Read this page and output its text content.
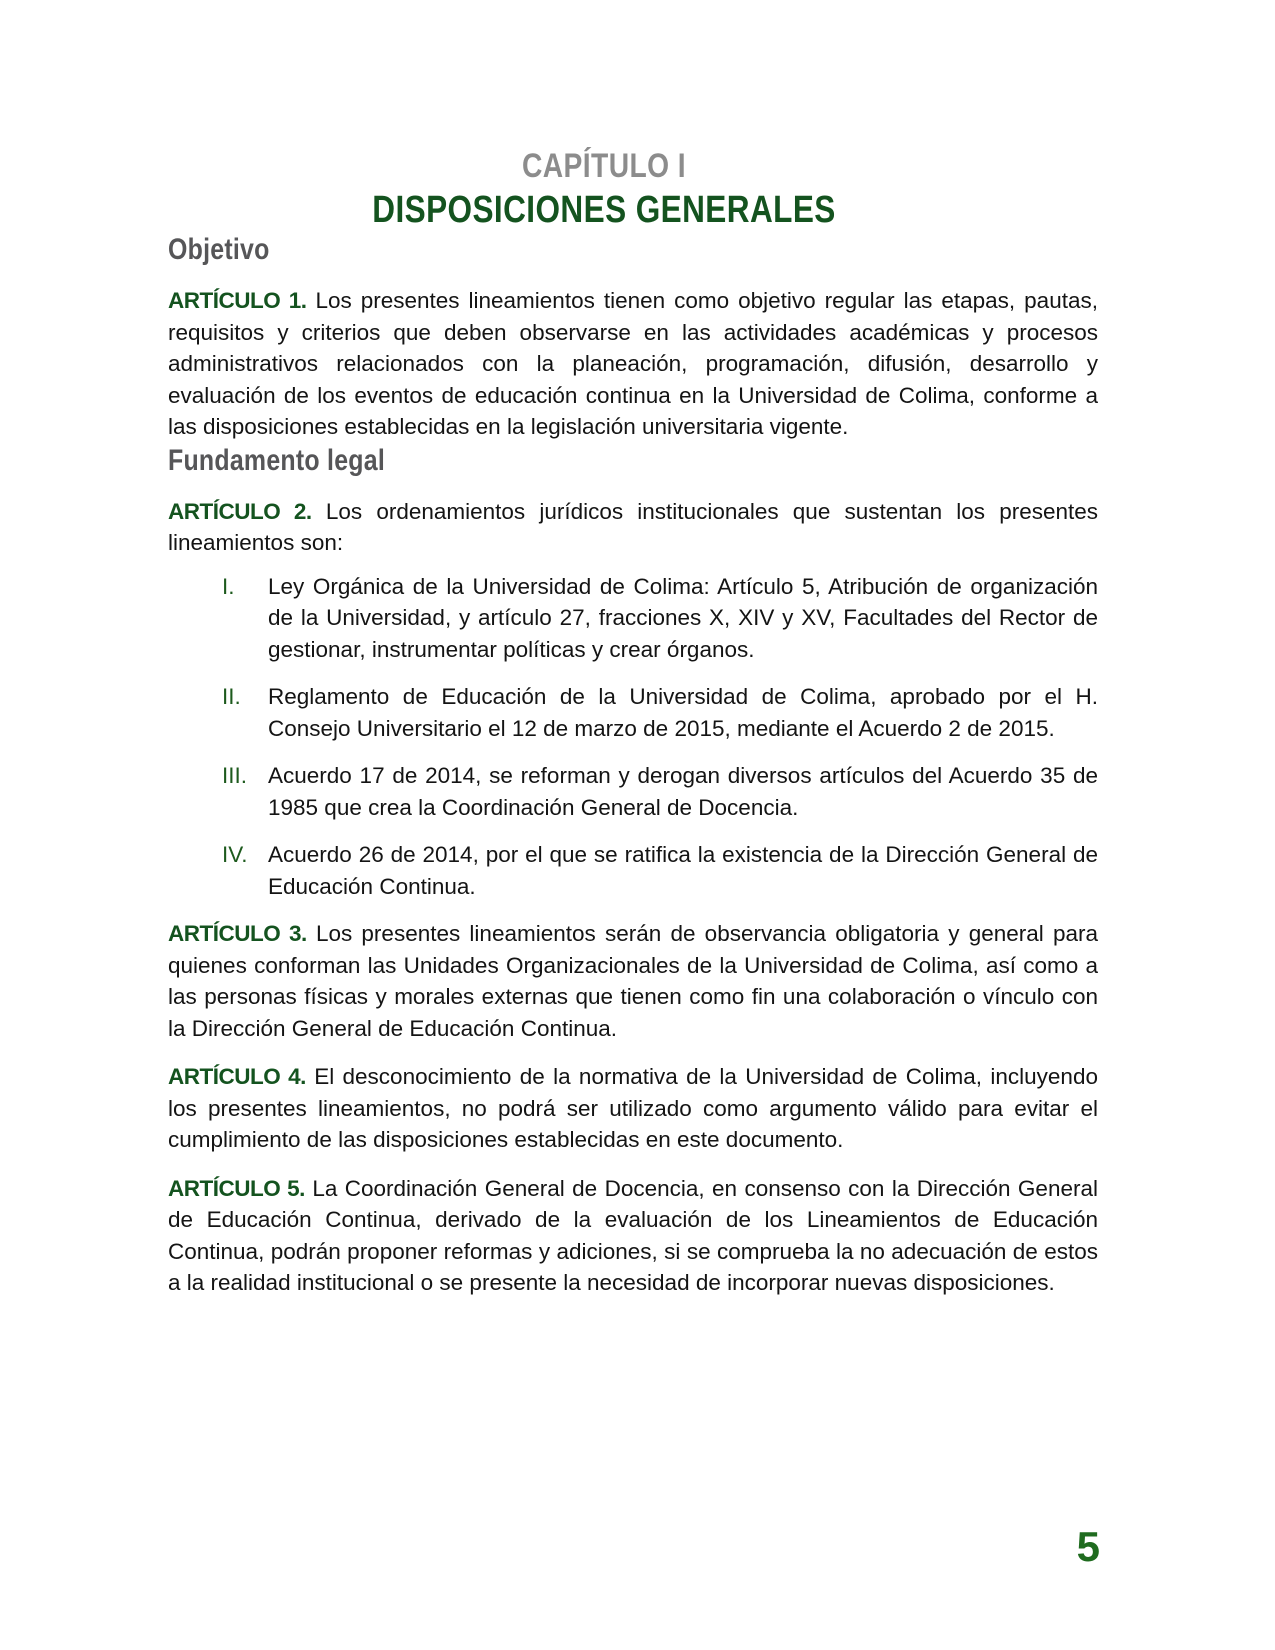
CAPÍTULO I
DISPOSICIONES GENERALES
Objetivo

ARTÍCULO 1. Los presentes lineamientos tienen como objetivo regular las etapas, pautas, requisitos y criterios que deben observarse en las actividades académicas y procesos administrativos relacionados con la planeación, programación, difusión, desarrollo y evaluación de los eventos de educación continua en la Universidad de Colima, conforme a las disposiciones establecidas en la legislación universitaria vigente.

Fundamento legal

ARTÍCULO 2. Los ordenamientos jurídicos institucionales que sustentan los presentes lineamientos son:

I.	Ley Orgánica de la Universidad de Colima: Artículo 5, Atribución de organización de la Universidad, y artículo 27, fracciones X, XIV y XV, Facultades del Rector de gestionar, instrumentar políticas y crear órganos.
II.	Reglamento de Educación de la Universidad de Colima, aprobado por el H. Consejo Universitario el 12 de marzo de 2015, mediante el Acuerdo 2 de 2015.
III. Acuerdo 17 de 2014, se reforman y derogan diversos artículos del Acuerdo 35 de 1985 que crea la Coordinación General de Docencia.
IV. Acuerdo 26 de 2014, por el que se ratifica la existencia de la Dirección General de Educación Continua.

ARTÍCULO 3. Los presentes lineamientos serán de observancia obligatoria y general para quienes conforman las Unidades Organizacionales de la Universidad de Colima, así como a las personas físicas y morales externas que tienen como fin una colaboración o vínculo con la Dirección General de Educación Continua.

ARTÍCULO 4. El desconocimiento de la normativa de la Universidad de Colima, incluyendo los presentes lineamientos, no podrá ser utilizado como argumento válido para evitar el cumplimiento de las disposiciones establecidas en este documento.

ARTÍCULO 5. La Coordinación General de Docencia, en consenso con la Dirección General de Educación Continua, derivado de la evaluación de los Lineamientos de Educación Continua, podrán proponer reformas y adiciones, si se comprueba la no adecuación de estos a la realidad institucional o se presente la necesidad de incorporar nuevas disposiciones.

5
